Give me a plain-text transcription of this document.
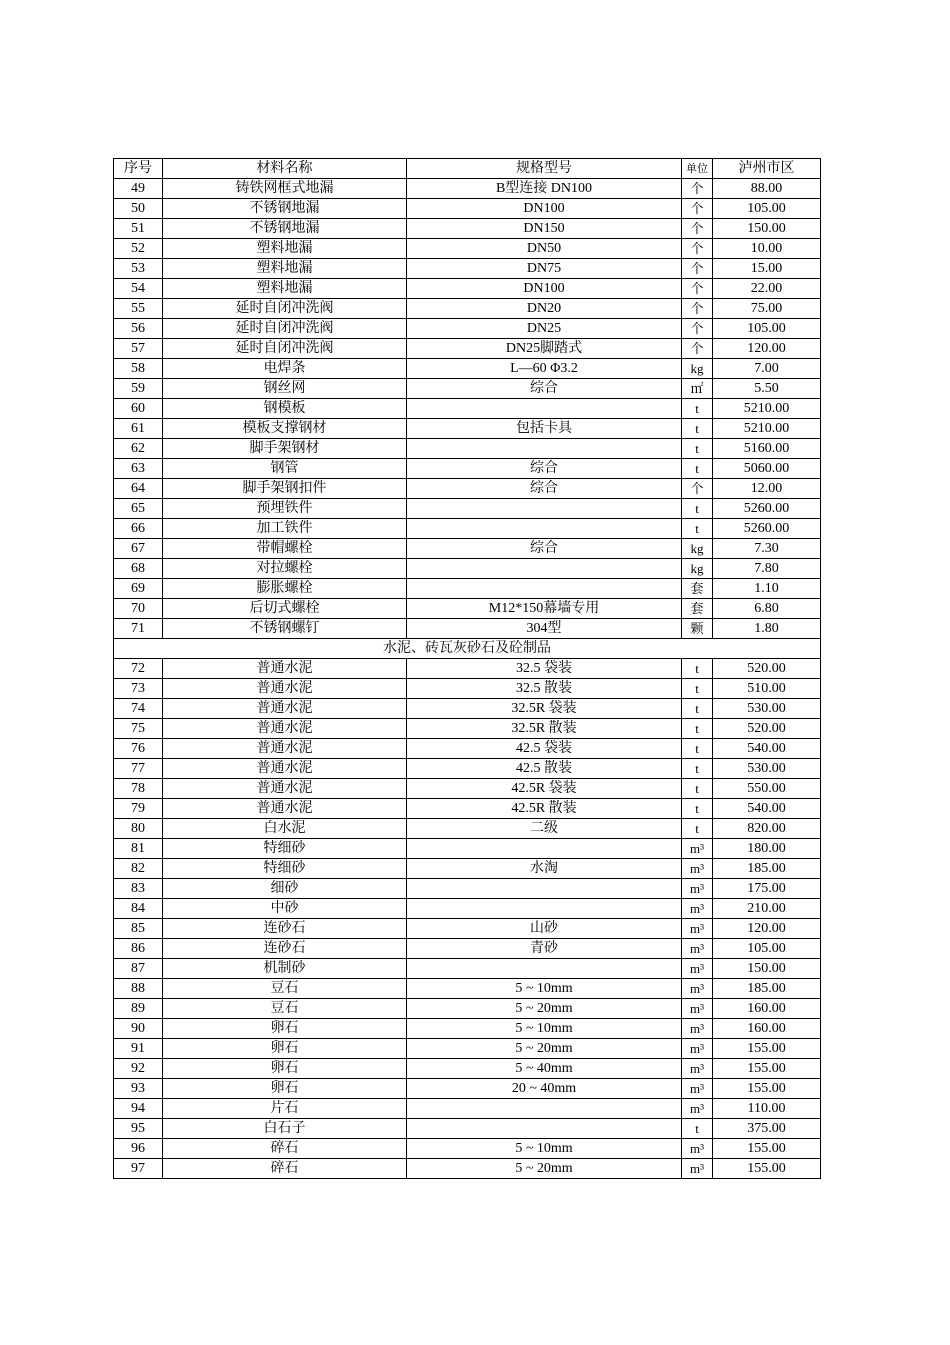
序号	材料名称	规格型号	单位	泸州市区
49	铸铁网框式地漏	B型连接 DN100	个	88.00
50	不锈钢地漏	DN100	个	105.00
51	不锈钢地漏	DN150	个	150.00
52	塑料地漏	DN50	个	10.00
53	塑料地漏	DN75	个	15.00
54	塑料地漏	DN100	个	22.00
55	延时自闭冲洗阀	DN20	个	75.00
56	延时自闭冲洗阀	DN25	个	105.00
57	延时自闭冲洗阀	DN25脚踏式	个	120.00
58	电焊条	L—60 Φ3.2	kg	7.00
59	钢丝网	综合	㎡	5.50
60	钢模板		t	5210.00
61	模板支撑钢材	包括卡具	t	5210.00
62	脚手架钢材		t	5160.00
63	钢管	综合	t	5060.00
64	脚手架钢扣件	综合	个	12.00
65	预埋铁件		t	5260.00
66	加工铁件		t	5260.00
67	带帽螺栓	综合	kg	7.30
68	对拉螺栓		kg	7.80
69	膨胀螺栓		套	1.10
70	后切式螺栓	M12*150幕墙专用	套	6.80
71	不锈钢螺钉	304型	颗	1.80
水泥、砖瓦灰砂石及砼制品				
72	普通水泥	32.5 袋装	t	520.00
73	普通水泥	32.5 散装	t	510.00
74	普通水泥	32.5R 袋装	t	530.00
75	普通水泥	32.5R 散装	t	520.00
76	普通水泥	42.5 袋装	t	540.00
77	普通水泥	42.5 散装	t	530.00
78	普通水泥	42.5R 袋装	t	550.00
79	普通水泥	42.5R 散装	t	540.00
80	白水泥	二级	t	820.00
81	特细砂		m³	180.00
82	特细砂	水淘	m³	185.00
83	细砂		m³	175.00
84	中砂		m³	210.00
85	连砂石	山砂	m³	120.00
86	连砂石	青砂	m³	105.00
87	机制砂		m³	150.00
88	豆石	5 ~ 10mm	m³	185.00
89	豆石	5 ~ 20mm	m³	160.00
90	卵石	5 ~ 10mm	m³	160.00
91	卵石	5 ~ 20mm	m³	155.00
92	卵石	5 ~ 40mm	m³	155.00
93	卵石	20 ~ 40mm	m³	155.00
94	片石		m³	110.00
95	白石子		t	375.00
96	碎石	5 ~ 10mm	m³	155.00
97	碎石	5 ~ 20mm	m³	155.00
